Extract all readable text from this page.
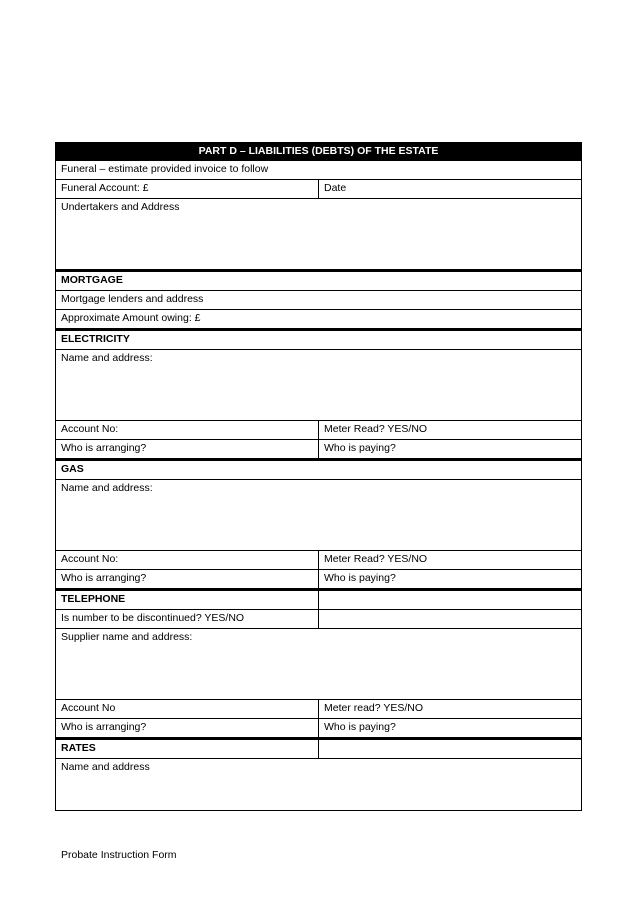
PART D – LIABILITIES (DEBTS) OF THE ESTATE	
Funeral – estimate provided invoice to follow	
Funeral Account: £	Date
Undertakers and Address	
MORTGAGE	
Mortgage lenders and address	
Approximate Amount owing: £	
ELECTRICITY	
Name and address:	
Account No:	Meter Read? YES/NO
Who is arranging?	Who is paying?
GAS	
Name and address:	
Account No:	Meter Read? YES/NO
Who is arranging?	Who is paying?
TELEPHONE	
Is number to be discontinued? YES/NO	
Supplier name and address:	
Account No	Meter read? YES/NO
Who is arranging?	Who is paying?
RATES	
Name and address	
Probate Instruction Form
